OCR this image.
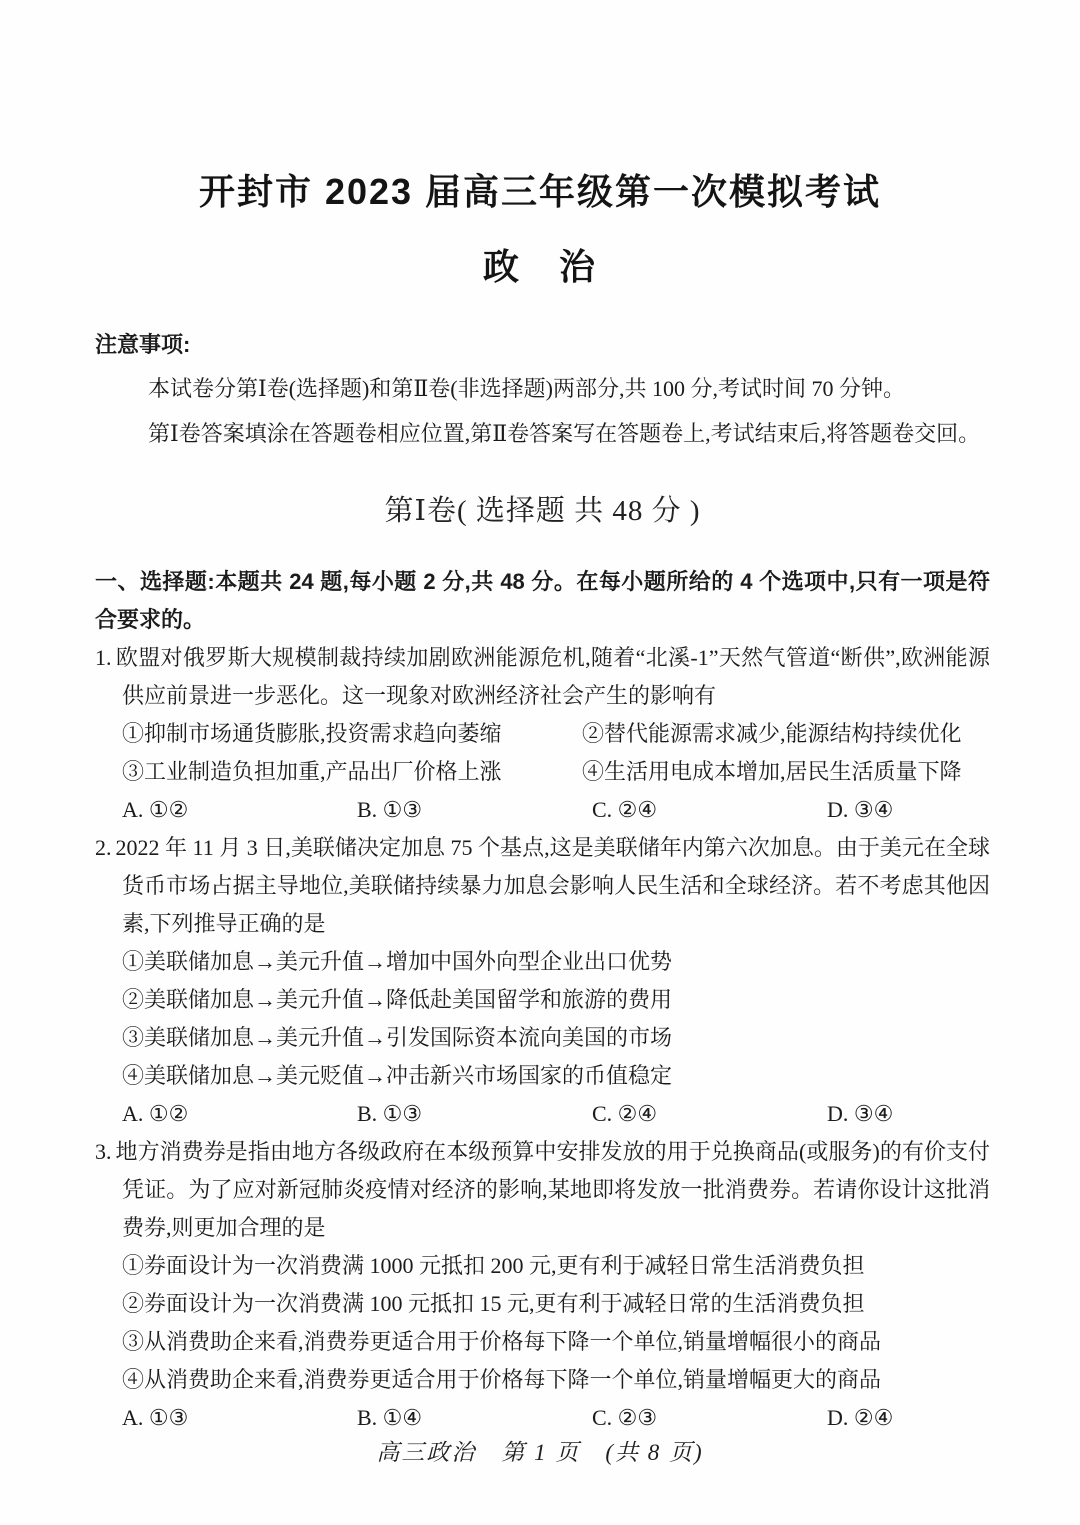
开封市 2023 届高三年级第一次模拟考试
政　治

注意事项:

本试卷分第Ⅰ卷(选择题)和第Ⅱ卷(非选择题)两部分,共 100 分,考试时间 70 分钟。

第Ⅰ卷答案填涂在答题卷相应位置,第Ⅱ卷答案写在答题卷上,考试结束后,将答题卷交回。

第Ⅰ卷( 选择题 共 48 分 )

一、选择题:本题共 24 题,每小题 2 分,共 48 分。在每小题所给的 4 个选项中,只有一项是符合要求的。

1. 欧盟对俄罗斯大规模制裁持续加剧欧洲能源危机,随着“北溪-1”天然气管道“断供”,欧洲能源供应前景进一步恶化。这一现象对欧洲经济社会产生的影响有

①抑制市场通货膨胀,投资需求趋向萎缩	②替代能源需求减少,能源结构持续优化

③工业制造负担加重,产品出厂价格上涨	④生活用电成本增加,居民生活质量下降

A. ①②	B. ①③	C. ②④	D. ③④

2. 2022 年 11 月 3 日,美联储决定加息 75 个基点,这是美联储年内第六次加息。由于美元在全球货币市场占据主导地位,美联储持续暴力加息会影响人民生活和全球经济。若不考虑其他因素,下列推导正确的是

①美联储加息→美元升值→增加中国外向型企业出口优势

②美联储加息→美元升值→降低赴美国留学和旅游的费用

③美联储加息→美元升值→引发国际资本流向美国的市场

④美联储加息→美元贬值→冲击新兴市场国家的币值稳定

A. ①②	B. ①③	C. ②④	D. ③④

3. 地方消费券是指由地方各级政府在本级预算中安排发放的用于兑换商品(或服务)的有价支付凭证。为了应对新冠肺炎疫情对经济的影响,某地即将发放一批消费券。若请你设计这批消费券,则更加合理的是

①券面设计为一次消费满 1000 元抵扣 200 元,更有利于减轻日常生活消费负担

②券面设计为一次消费满 100 元抵扣 15 元,更有利于减轻日常的生活消费负担

③从消费助企来看,消费券更适合用于价格每下降一个单位,销量增幅很小的商品

④从消费助企来看,消费券更适合用于价格每下降一个单位,销量增幅更大的商品

A. ①③	B. ①④	C. ②③	D. ②④
高三政治　第 1 页　(共 8 页)
